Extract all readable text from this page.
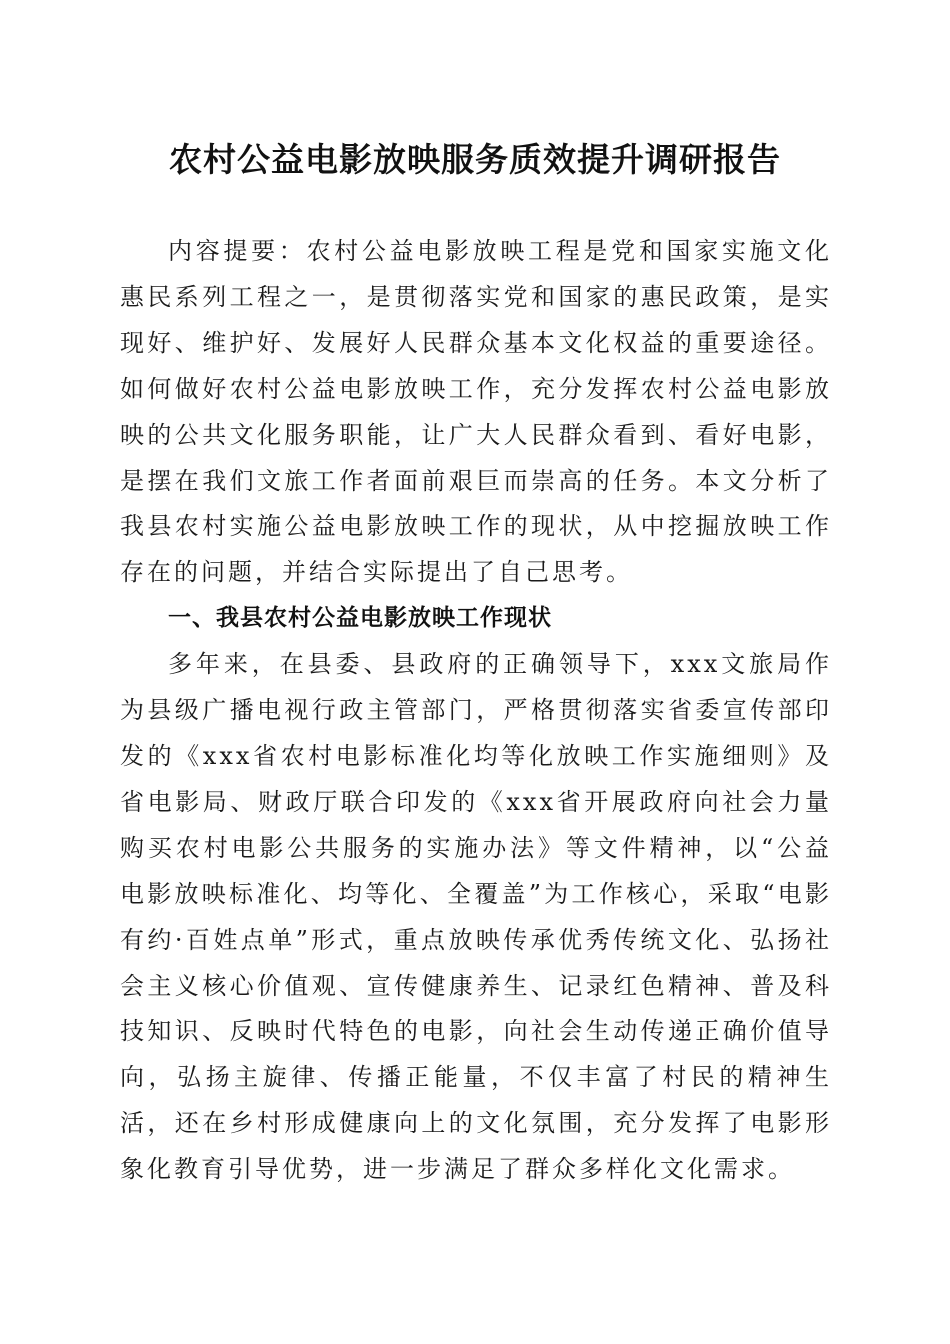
农村公益电影放映服务质效提升调研报告

内容提要：农村公益电影放映工程是党和国家实施文化惠民系列工程之一，是贯彻落实党和国家的惠民政策，是实现好、维护好、发展好人民群众基本文化权益的重要途径。如何做好农村公益电影放映工作，充分发挥农村公益电影放映的公共文化服务职能，让广大人民群众看到、看好电影，是摆在我们文旅工作者面前艰巨而崇高的任务。本文分析了我县农村实施公益电影放映工作的现状，从中挖掘放映工作存在的问题，并结合实际提出了自己思考。

一、我县农村公益电影放映工作现状

多年来，在县委、县政府的正确领导下，xxx文旅局作为县级广播电视行政主管部门，严格贯彻落实省委宣传部印发的《xxx省农村电影标准化均等化放映工作实施细则》及省电影局、财政厅联合印发的《xxx省开展政府向社会力量购买农村电影公共服务的实施办法》等文件精神，以“公益电影放映标准化、均等化、全覆盖”为工作核心，采取“电影有约·百姓点单”形式，重点放映传承优秀传统文化、弘扬社会主义核心价值观、宣传健康养生、记录红色精神、普及科技知识、反映时代特色的电影，向社会生动传递正确价值导向，弘扬主旋律、传播正能量，不仅丰富了村民的精神生活，还在乡村形成健康向上的文化氛围，充分发挥了电影形象化教育引导优势，进一步满足了群众多样化文化需求。
